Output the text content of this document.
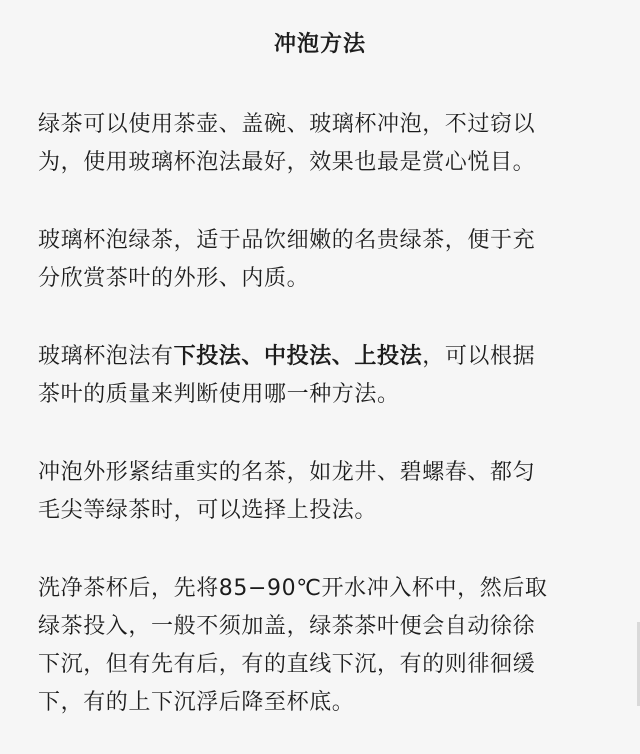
冲泡方法

绿茶可以使用茶壶、盖碗、玻璃杯冲泡，不过窃以
为，使用玻璃杯泡法最好，效果也最是赏心悦目。

玻璃杯泡绿茶，适于品饮细嫩的名贵绿茶，便于充
分欣赏茶叶的外形、内质。

玻璃杯泡法有下投法、中投法、上投法，可以根据
茶叶的质量来判断使用哪一种方法。

冲泡外形紧结重实的名茶，如龙井、碧螺春、都匀
毛尖等绿茶时，可以选择上投法。

洗净茶杯后，先将85−90℃开水冲入杯中，然后取
绿茶投入，一般不须加盖，绿茶茶叶便会自动徐徐
下沉，但有先有后，有的直线下沉，有的则徘徊缓
下，有的上下沉浮后降至杯底。
